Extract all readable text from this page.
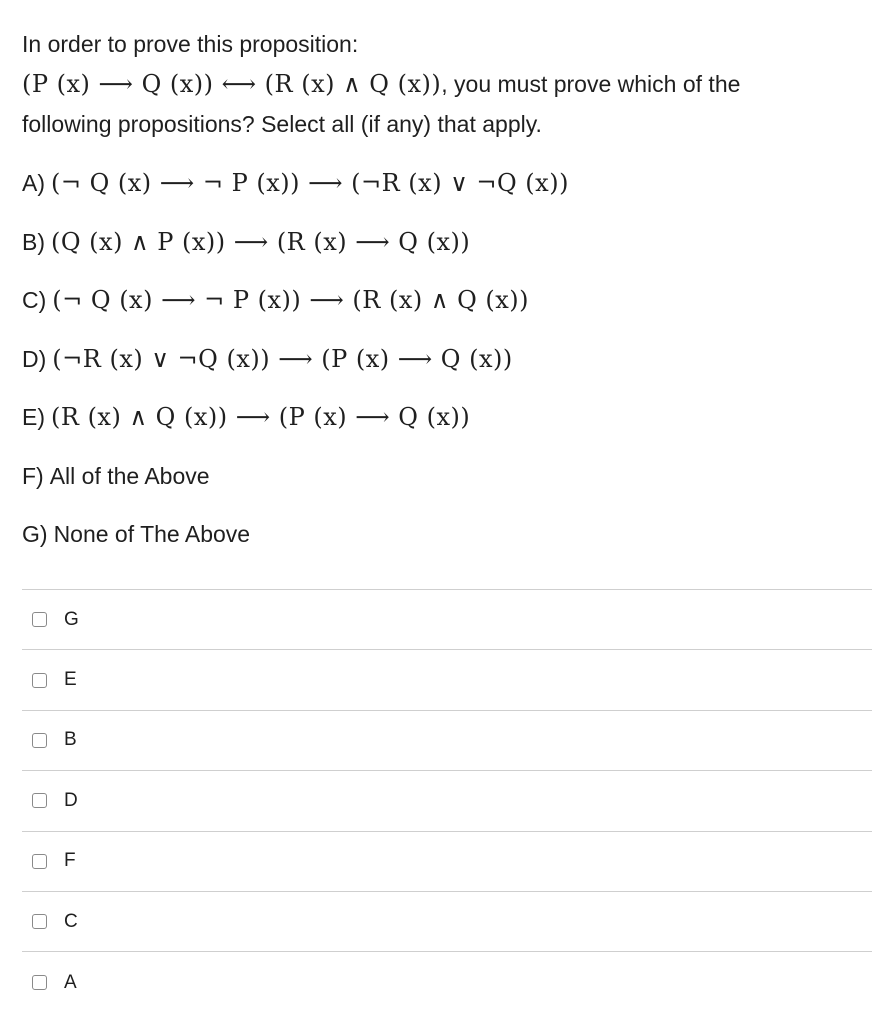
In order to prove this proposition:
(P (x) ⟶ Q (x)) ⟷ (R (x) ∧ Q (x)), you must prove which of the
following propositions? Select all (if any) that apply.
A) (¬ Q (x) ⟶ ¬ P (x)) ⟶ (¬R (x) ∨ ¬Q (x))
B) (Q (x) ∧ P (x)) ⟶ (R (x) ⟶ Q (x))
C) (¬ Q (x) ⟶ ¬ P (x)) ⟶ (R (x) ∧ Q (x))
D) (¬R (x) ∨ ¬Q (x)) ⟶ (P (x) ⟶ Q (x))
E) (R (x) ∧ Q (x)) ⟶ (P (x) ⟶ Q (x))
F) All of the Above
G) None of The Above
G
E
B
D
F
C
A
